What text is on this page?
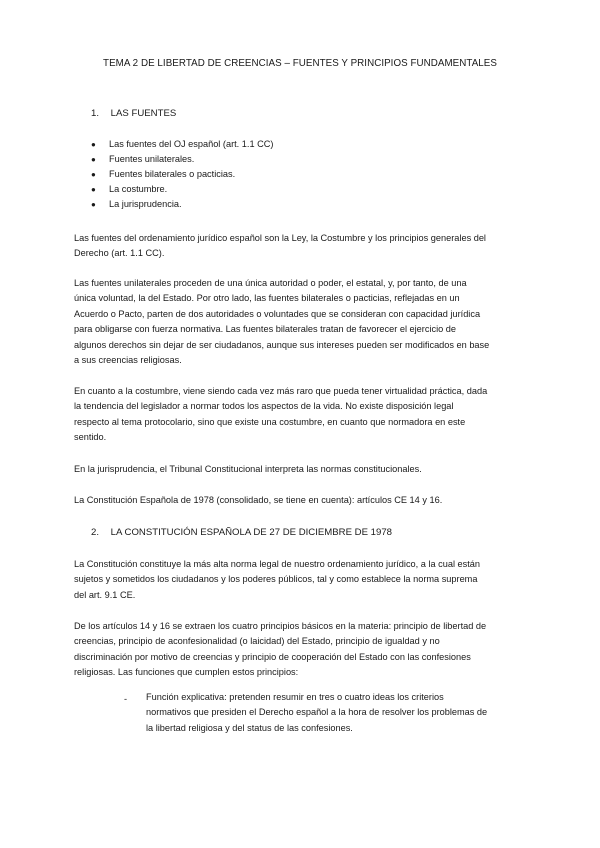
TEMA 2 DE LIBERTAD DE CREENCIAS – FUENTES Y PRINCIPIOS FUNDAMENTALES
1. LAS FUENTES
●	Las fuentes del OJ español (art. 1.1 CC)
●	Fuentes unilaterales.
●	Fuentes bilaterales o pacticias.
●	La costumbre.
●	La jurisprudencia.

Las fuentes del ordenamiento jurídico español son la Ley, la Costumbre y los principios generales del
Derecho (art. 1.1 CC).

Las fuentes unilaterales proceden de una única autoridad o poder, el estatal, y, por tanto, de una
única voluntad, la del Estado. Por otro lado, las fuentes bilaterales o pacticias, reflejadas en un
Acuerdo o Pacto, parten de dos autoridades o voluntades que se consideran con capacidad jurídica
para obligarse con fuerza normativa. Las fuentes bilaterales tratan de favorecer el ejercicio de
algunos derechos sin dejar de ser ciudadanos, aunque sus intereses pueden ser modificados en base
a sus creencias religiosas.

En cuanto a la costumbre, viene siendo cada vez más raro que pueda tener virtualidad práctica, dada
la tendencia del legislador a normar todos los aspectos de la vida. No existe disposición legal
respecto al tema protocolario, sino que existe una costumbre, en cuanto que normadora en este
sentido.

En la jurisprudencia, el Tribunal Constitucional interpreta las normas constitucionales.

La Constitución Española de 1978 (consolidado, se tiene en cuenta): artículos CE 14 y 16.

2. LA CONSTITUCIÓN ESPAÑOLA DE 27 DE DICIEMBRE DE 1978

La Constitución constituye la más alta norma legal de nuestro ordenamiento jurídico, a la cual están
sujetos y sometidos los ciudadanos y los poderes públicos, tal y como establece la norma suprema
del art. 9.1 CE.

De los artículos 14 y 16 se extraen los cuatro principios básicos en la materia: principio de libertad de
creencias, principio de aconfesionalidad (o laicidad) del Estado, principio de igualdad y no
discriminación por motivo de creencias y principio de cooperación del Estado con las confesiones
religiosas. Las funciones que cumplen estos principios:

- Función explicativa: pretenden resumir en tres o cuatro ideas los criterios
normativos que presiden el Derecho español a la hora de resolver los problemas de
la libertad religiosa y del status de las confesiones.
